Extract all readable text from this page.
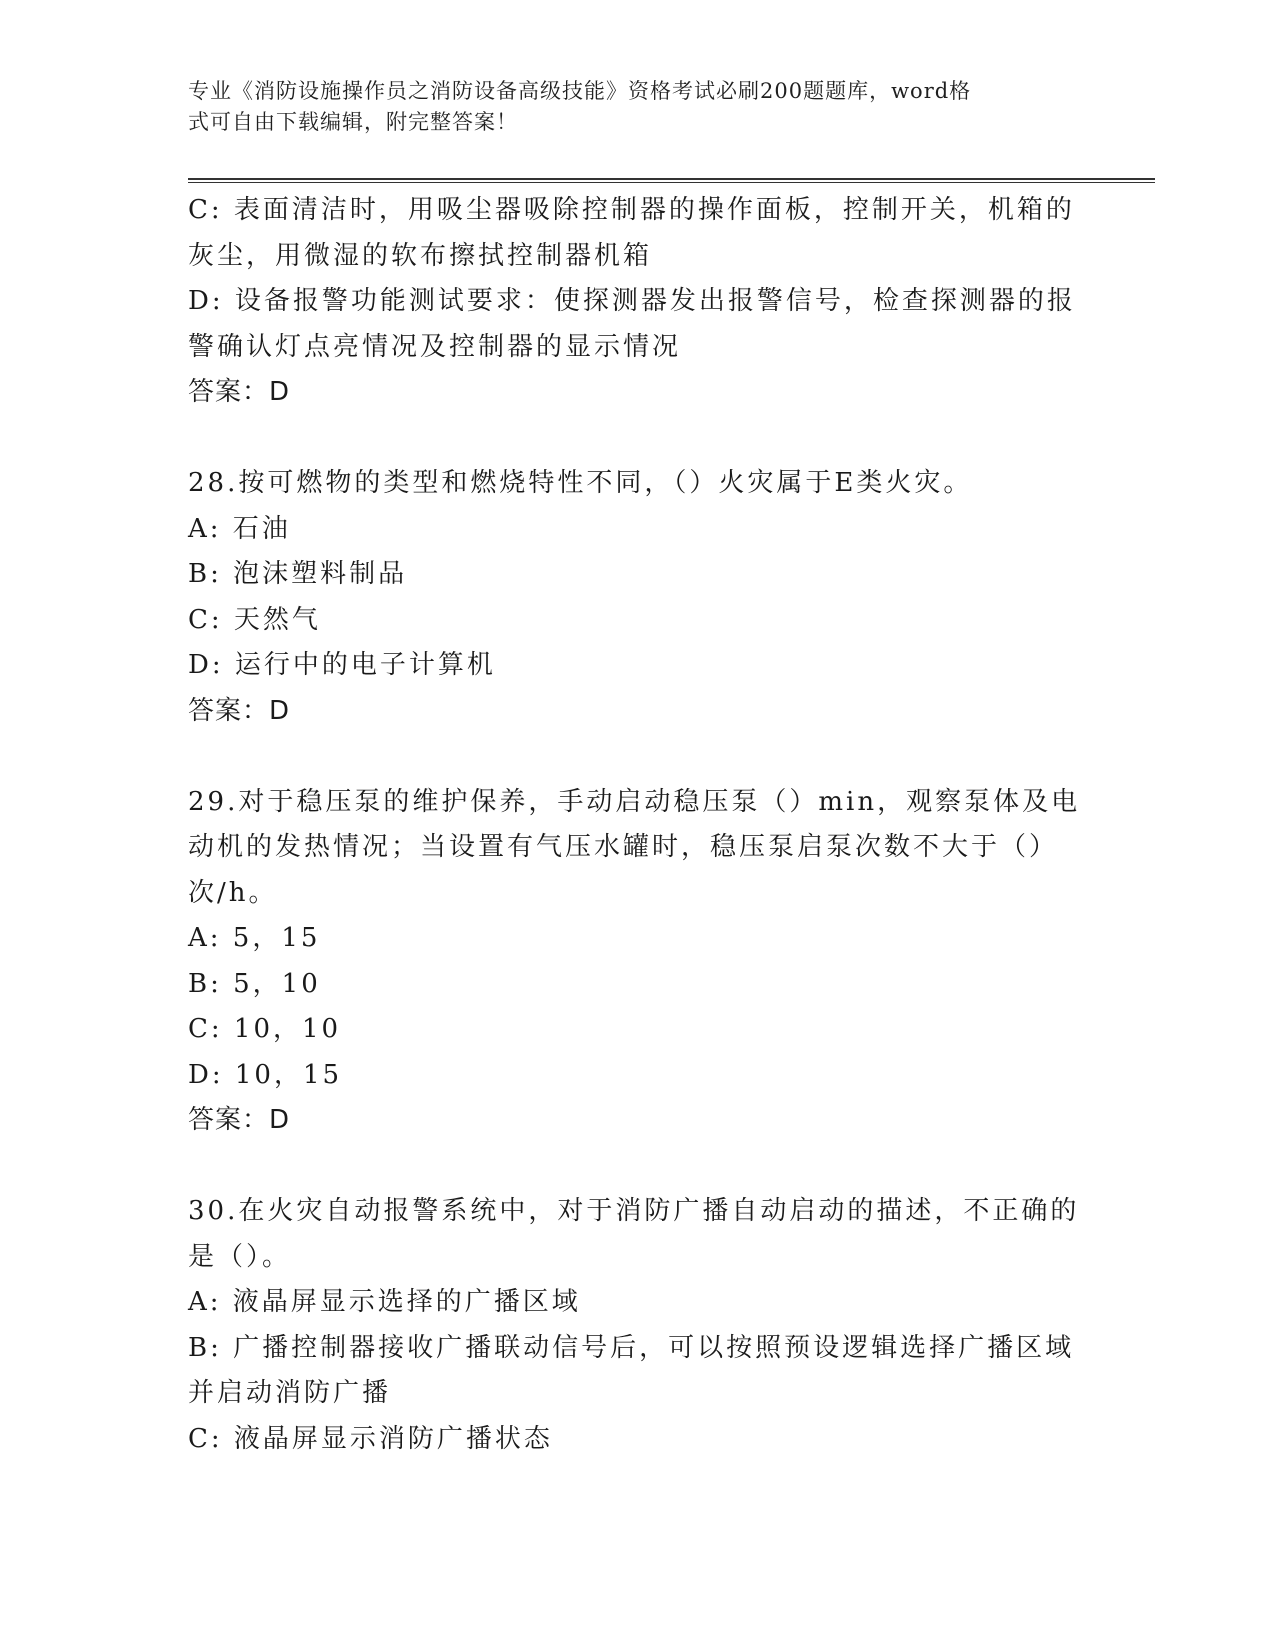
专业《消防设施操作员之消防设备高级技能》资格考试必刷200题题库，word格
式可自由下载编辑，附完整答案！
C: 表面清洁时，用吸尘器吸除控制器的操作面板，控制开关，机箱的
灰尘，用微湿的软布擦拭控制器机箱
D: 设备报警功能测试要求：使探测器发出报警信号，检查探测器的报
警确认灯点亮情况及控制器的显示情况
答案：D
28.按可燃物的类型和燃烧特性不同，（）火灾属于E类火灾。
A: 石油
B: 泡沫塑料制品
C: 天然气
D: 运行中的电子计算机
答案：D
29.对于稳压泵的维护保养，手动启动稳压泵（）min，观察泵体及电
动机的发热情况；当设置有气压水罐时，稳压泵启泵次数不大于（）
次/h。
A: 5，15
B: 5，10
C: 10，10
D: 10，15
答案：D
30.在火灾自动报警系统中，对于消防广播自动启动的描述，不正确的
是（）。
A: 液晶屏显示选择的广播区域
B: 广播控制器接收广播联动信号后，可以按照预设逻辑选择广播区域
并启动消防广播
C: 液晶屏显示消防广播状态
